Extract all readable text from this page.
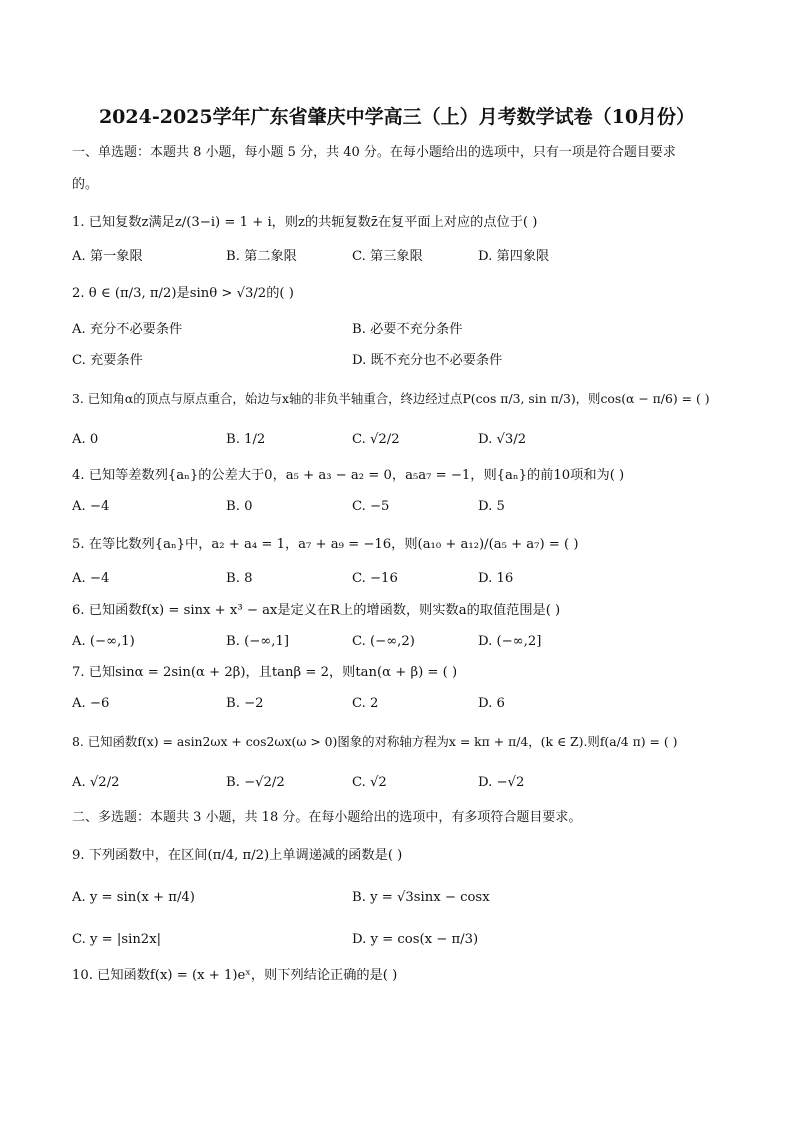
2024-2025学年广东省肇庆中学高三（上）月考数学试卷（10月份）
一、单选题：本题共 8 小题，每小题 5 分，共 40 分。在每小题给出的选项中，只有一项是符合题目要求
的。
1. 已知复数z满足z/(3−i) = 1 + i，则z的共轭复数z̄在复平面上对应的点位于( )
A. 第一象限	B. 第二象限	C. 第三象限	D. 第四象限
2. θ ∈ (π/3, π/2)是sinθ > √3/2的( )
A. 充分不必要条件	B. 必要不充分条件
C. 充要条件	D. 既不充分也不必要条件
3. 已知角α的顶点与原点重合，始边与x轴的非负半轴重合，终边经过点P(cos π/3, sin π/3)，则cos(α − π/6) = ( )
A. 0	B. 1/2	C. √2/2	D. √3/2
4. 已知等差数列{aₙ}的公差大于0，a₅ + a₃ − a₂ = 0，a₅a₇ = −1，则{aₙ}的前10项和为( )
A. −4	B. 0	C. −5	D. 5
5. 在等比数列{aₙ}中，a₂ + a₄ = 1，a₇ + a₉ = −16，则(a₁₀ + a₁₂)/(a₅ + a₇) = ( )
A. −4	B. 8	C. −16	D. 16
6. 已知函数f(x) = sinx + x³ − ax是定义在R上的增函数，则实数a的取值范围是( )
A. (−∞,1)	B. (−∞,1]	C. (−∞,2)	D. (−∞,2]
7. 已知sinα = 2sin(α + 2β)，且tanβ = 2，则tan(α + β) = ( )
A. −6	B. −2	C. 2	D. 6
8. 已知函数f(x) = asin2ωx + cos2ωx(ω > 0)图象的对称轴方程为x = kπ + π/4，(k ∈ Z).则f(a/4 π) = ( )
A. √2/2	B. −√2/2	C. √2	D. −√2
二、多选题：本题共 3 小题，共 18 分。在每小题给出的选项中，有多项符合题目要求。
9. 下列函数中，在区间(π/4, π/2)上单调递减的函数是( )
A. y = sin(x + π/4)	B. y = √3sinx − cosx
C. y = |sin2x|	D. y = cos(x − π/3)
10. 已知函数f(x) = (x + 1)eˣ，则下列结论正确的是( )
